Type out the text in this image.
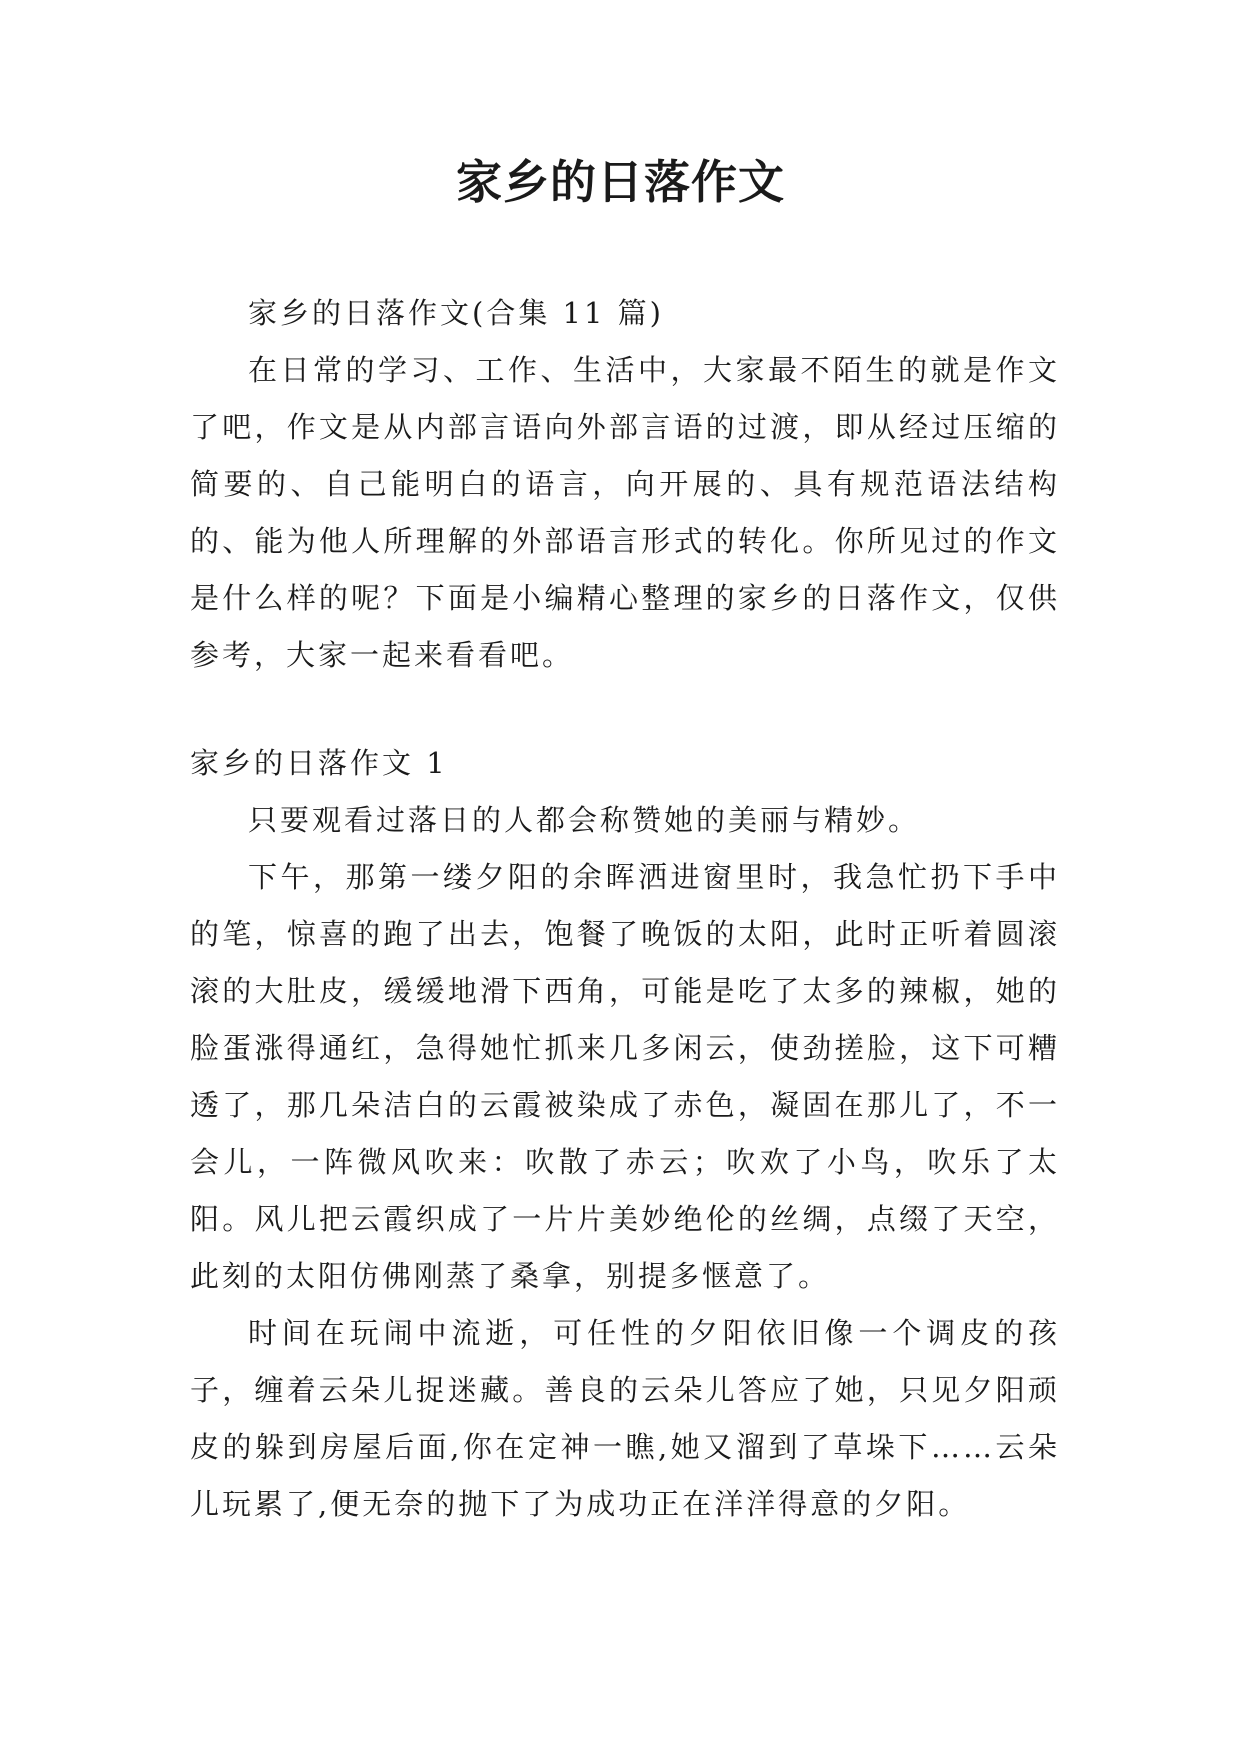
家乡的日落作文

家乡的日落作文(合集 11 篇)

在日常的学习、工作、生活中，大家最不陌生的就是作文了吧，作文是从内部言语向外部言语的过渡，即从经过压缩的简要的、自己能明白的语言，向开展的、具有规范语法结构的、能为他人所理解的外部语言形式的转化。你所见过的作文是什么样的呢？下面是小编精心整理的家乡的日落作文，仅供参考，大家一起来看看吧。

家乡的日落作文 1

只要观看过落日的人都会称赞她的美丽与精妙。

下午，那第一缕夕阳的余晖洒进窗里时，我急忙扔下手中的笔，惊喜的跑了出去，饱餐了晚饭的太阳，此时正听着圆滚滚的大肚皮，缓缓地滑下西角，可能是吃了太多的辣椒，她的脸蛋涨得通红，急得她忙抓来几多闲云，使劲搓脸，这下可糟透了，那几朵洁白的云霞被染成了赤色，凝固在那儿了，不一会儿，一阵微风吹来：吹散了赤云；吹欢了小鸟，吹乐了太阳。风儿把云霞织成了一片片美妙绝伦的丝绸，点缀了天空，此刻的太阳仿佛刚蒸了桑拿，别提多惬意了。

时间在玩闹中流逝，可任性的夕阳依旧像一个调皮的孩子，缠着云朵儿捉迷藏。善良的云朵儿答应了她，只见夕阳顽皮的躲到房屋后面,你在定神一瞧,她又溜到了草垛下……云朵儿玩累了,便无奈的抛下了为成功正在洋洋得意的夕阳。
